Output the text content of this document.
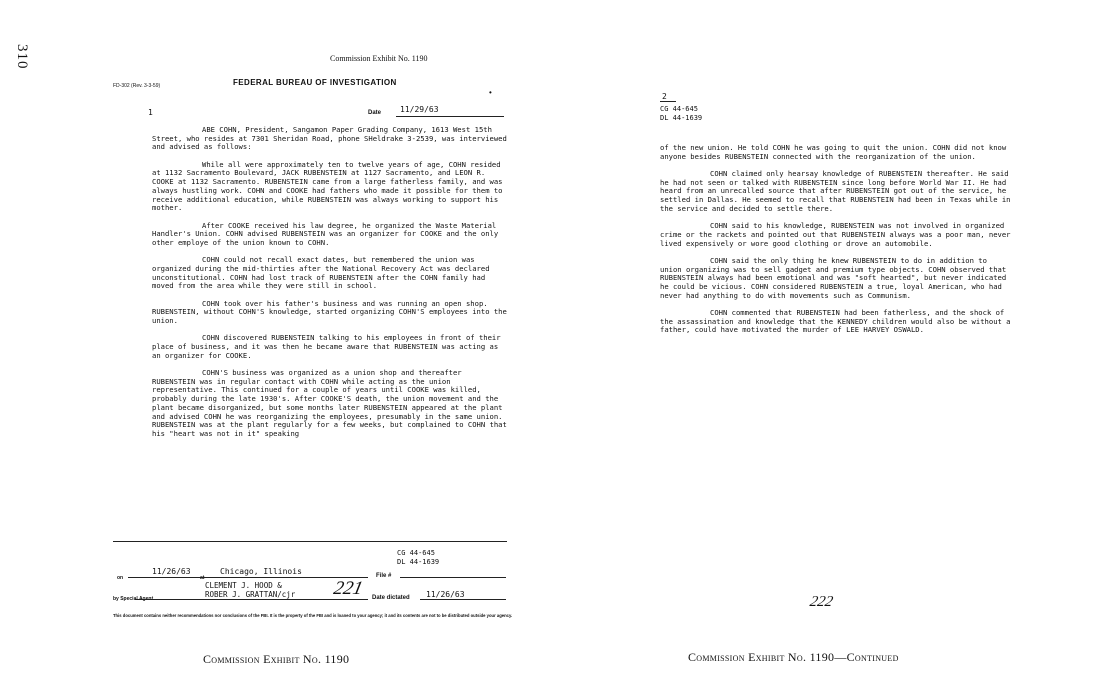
310	Commission Exhibit No. 1190
FD-302 (Rev. 3-3-59)	FEDERAL BUREAU OF INVESTIGATION
•
1	Date 11/29/63

ABE COHN, President, Sangamon Paper Grading Company, 1613 West 15th Street, who resides at 7301 Sheridan Road, phone SHeldrake 3-2539, was interviewed and advised as follows:

While all were approximately ten to twelve years of age, COHN resided at 1132 Sacramento Boulevard, JACK RUBENSTEIN at 1127 Sacramento, and LEON R. COOKE at 1132 Sacramento. RUBENSTEIN came from a large fatherless family, and was always hustling work. COHN and COOKE had fathers who made it possible for them to receive additional education, while RUBENSTEIN was always working to support his mother.

After COOKE received his law degree, he organized the Waste Material Handler's Union. COHN advised RUBENSTEIN was an organizer for COOKE and the only other employe of the union known to COHN.

COHN could not recall exact dates, but remembered the union was organized during the mid-thirties after the National Recovery Act was declared unconstitutional. COHN had lost track of RUBENSTEIN after the COHN family had moved from the area while they were still in school.

COHN took over his father's business and was running an open shop. RUBENSTEIN, without COHN'S knowledge, started organizing COHN'S employees into the union.

COHN discovered RUBENSTEIN talking to his employees in front of their place of business, and it was then he became aware that RUBENSTEIN was acting as an organizer for COOKE.

COHN'S business was organized as a union shop and thereafter RUBENSTEIN was in regular contact with COHN while acting as the union representative. This continued for a couple of years until COOKE was killed, probably during the late 1930's. After COOKE'S death, the union movement and the plant became disorganized, but some months later RUBENSTEIN appeared at the plant and advised COHN he was reorganizing the employees, presumably in the same union. RUBENSTEIN was at the plant regularly for a few weeks, but complained to COHN that his "heart was not in it" speaking

CG 44-645
DL 44-1639
on
11/26/63
at
Chicago, Illinois	File #
CLEMENT J. HOOD &
ROBER J. GRATTAN/cjr 221
by Special Agent	Date dictated 11/26/63
This document contains neither recommendations nor conclusions of the FBI. It is the property of the FBI and is loaned to your agency; it and its contents are not to be distributed outside your agency.
Commission Exhibit No. 1190
2
CG 44-645
DL 44-1639

of the new union. He told COHN he was going to quit the union. COHN did not know anyone besides RUBENSTEIN connected with the reorganization of the union.

COHN claimed only hearsay knowledge of RUBENSTEIN thereafter. He said he had not seen or talked with RUBENSTEIN since long before World War II. He had heard from an unrecalled source that after RUBENSTEIN got out of the service, he settled in Dallas. He seemed to recall that RUBENSTEIN had been in Texas while in the service and decided to settle there.

COHN said to his knowledge, RUBENSTEIN was not involved in organized crime or the rackets and pointed out that RUBENSTEIN always was a poor man, never lived expensively or wore good clothing or drove an automobile.

COHN said the only thing he knew RUBENSTEIN to do in addition to union organizing was to sell gadget and premium type objects. COHN observed that RUBENSTEIN always had been emotional and was "soft hearted", but never indicated he could be vicious. COHN considered RUBENSTEIN a true, loyal American, who had never had anything to do with movements such as Communism.

COHN commented that RUBENSTEIN had been fatherless, and the shock of the assassination and knowledge that the KENNEDY children would also be without a father, could have motivated the murder of LEE HARVEY OSWALD.

222
Commission Exhibit No. 1190—Continued
